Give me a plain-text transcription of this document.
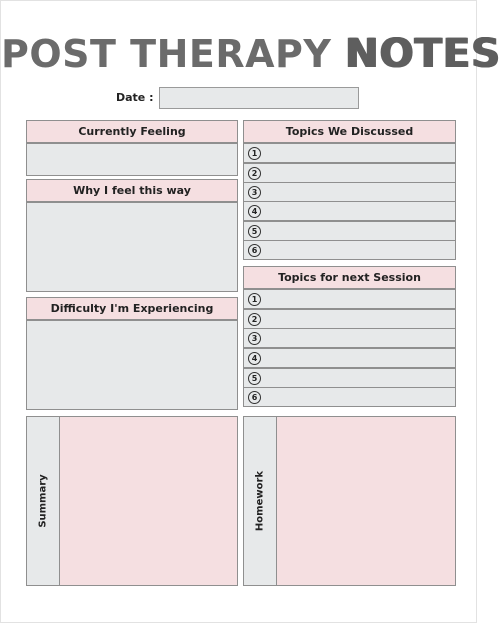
POST THERAPY NOTES
Date :
Currently Feeling
Why I feel this way
Difficulty I'm Experiencing
Topics We Discussed
1
2
3
4
5
6
Topics for next Session
1
2
3
4
5
6
Summary	Homework
